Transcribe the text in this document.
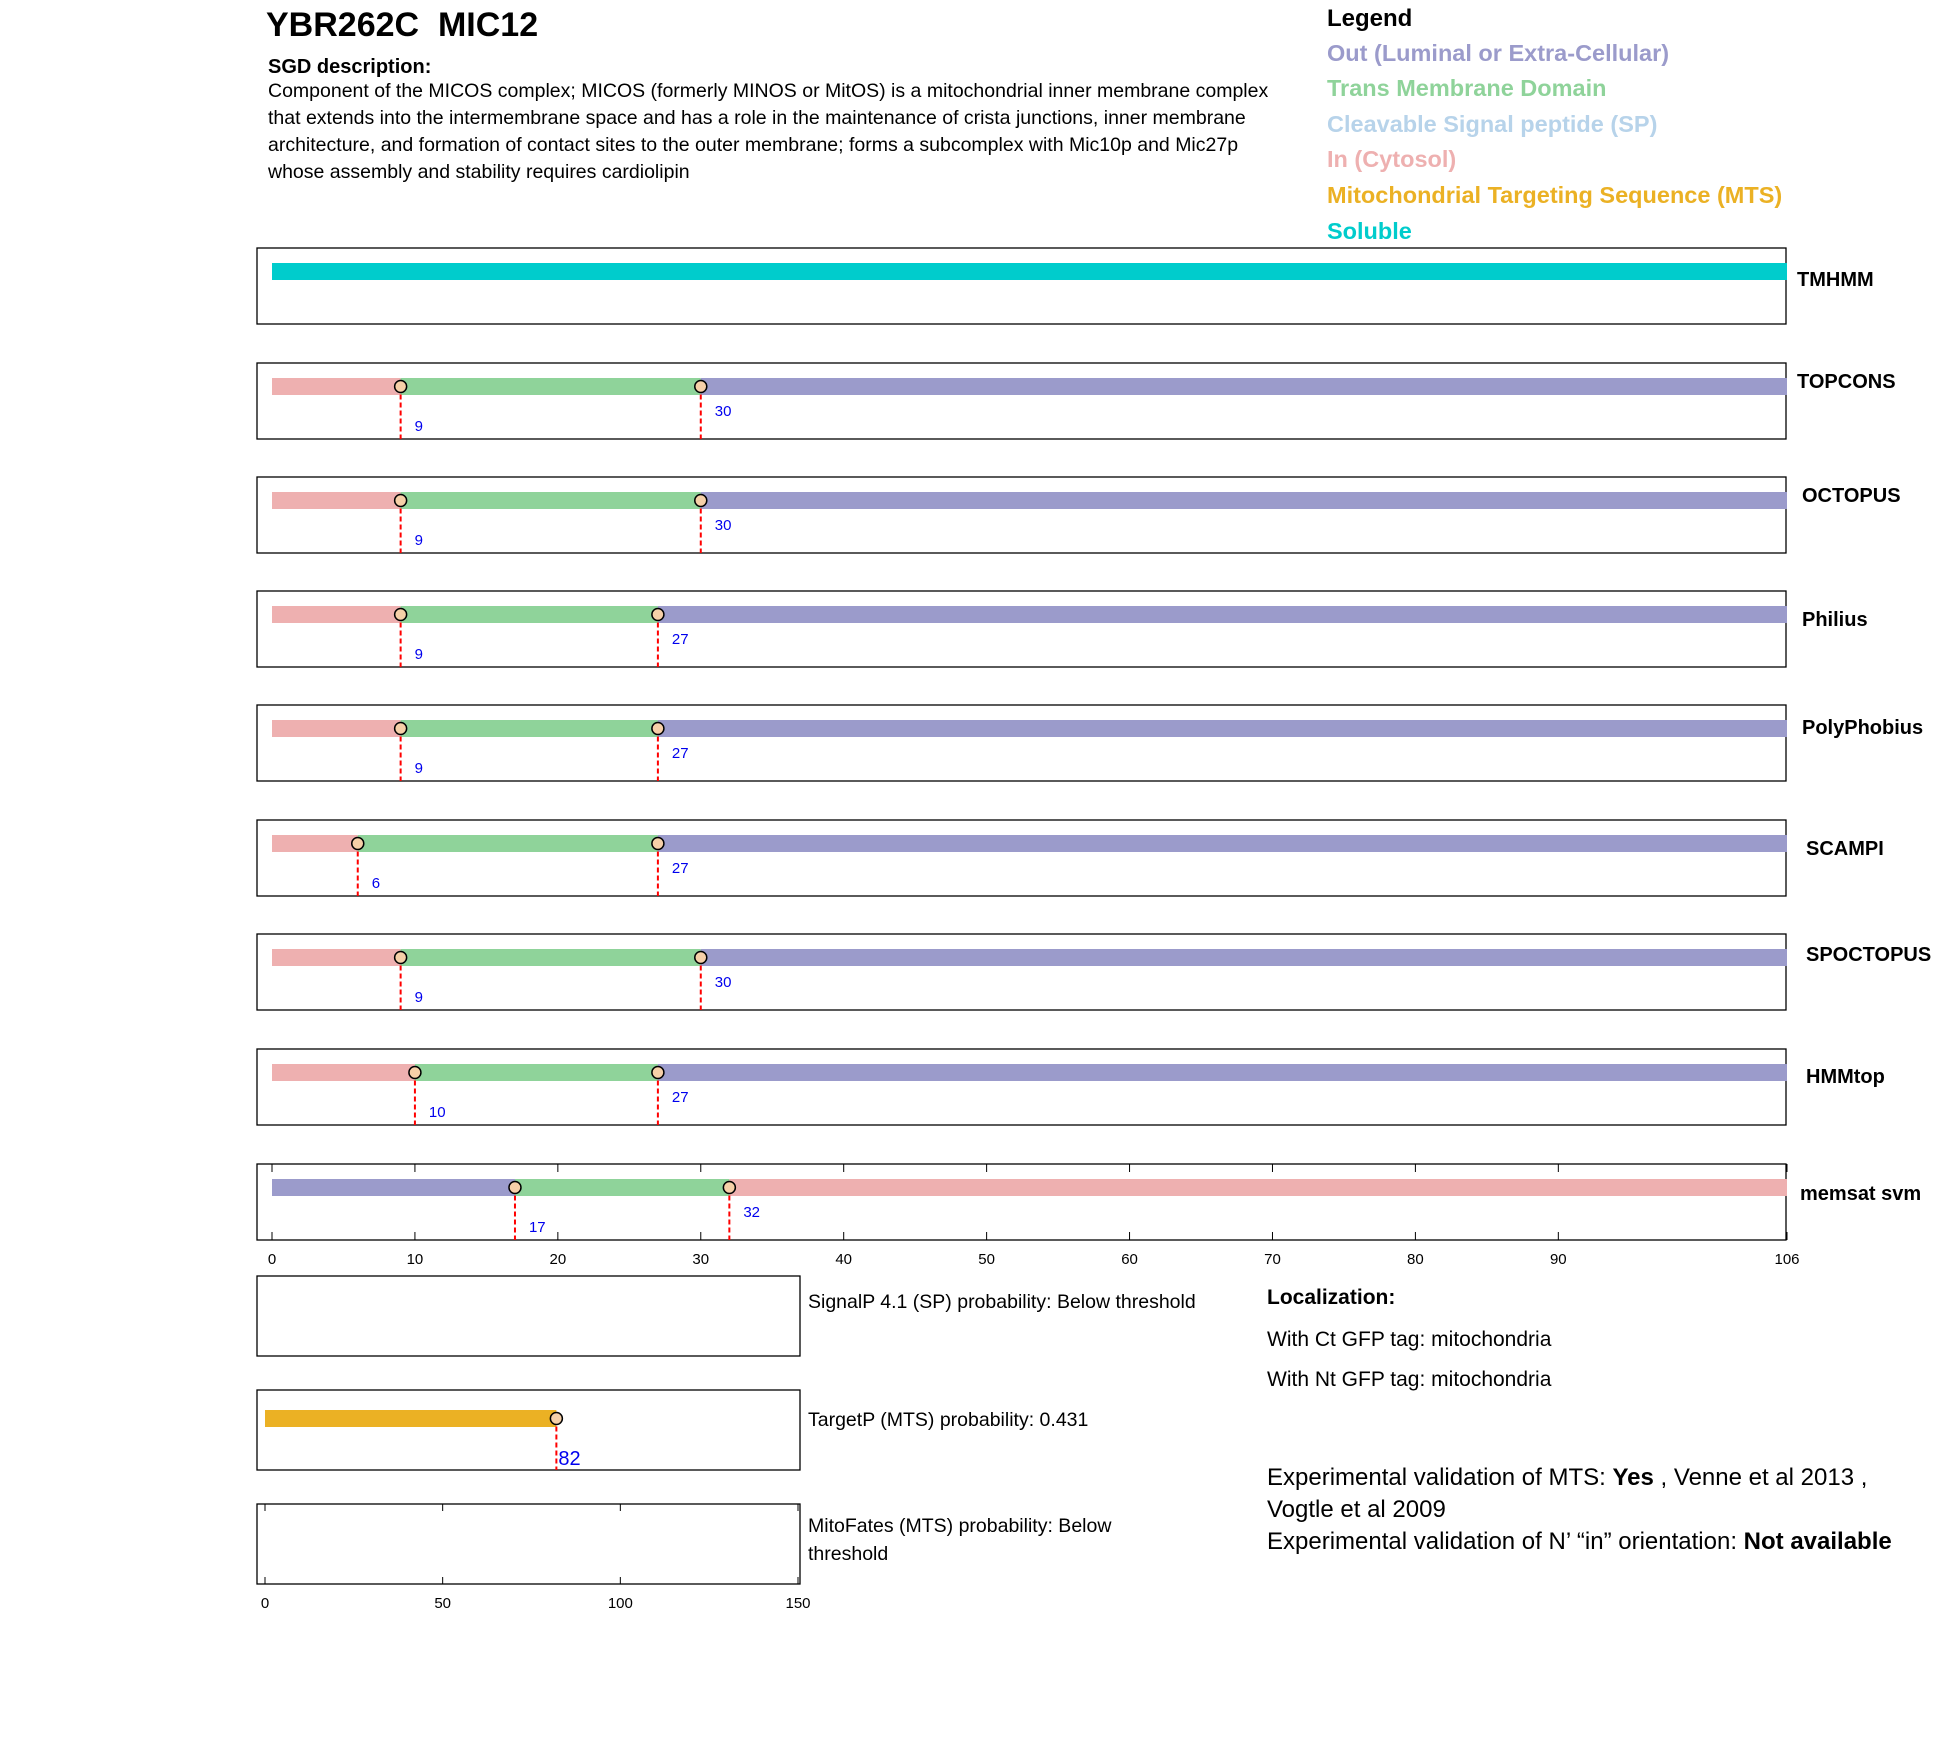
YBR262C MIC12
SGD description:
Component of the MICOS complex; MICOS (formerly MINOS or MitOS) is a mitochondrial inner membrane complex that extends into the intermembrane space and has a role in the maintenance of crista junctions, inner membrane architecture, and formation of contact sites to the outer membrane; forms a subcomplex with Mic10p and Mic27p whose assembly and stability requires cardiolipin
Legend
Out (Luminal or Extra-Cellular)
Trans Membrane Domain
Cleavable Signal peptide (SP)
In (Cytosol)
Mitochondrial Targeting Sequence (MTS)
Soluble
TMHMM
9
30
TOPCONS
9
30
OCTOPUS
9
27
Philius
9
27
PolyPhobius
6
27
SCAMPI
9
30
SPOCTOPUS
10
27
HMMtop
0	10	20	30	40	50	60	70	80	90	106
17
32
memsat svm
82
0	50	100	150
SignalP 4.1 (SP) probability: Below threshold
TargetP (MTS) probability: 0.431
MitoFates (MTS) probability: Below threshold
Localization:
With Ct GFP tag: mitochondria
With Nt GFP tag: mitochondria
Experimental validation of MTS: Yes , Venne et al 2013 , Vogtle et al 2009
Experimental validation of N’ “in” orientation: Not available
